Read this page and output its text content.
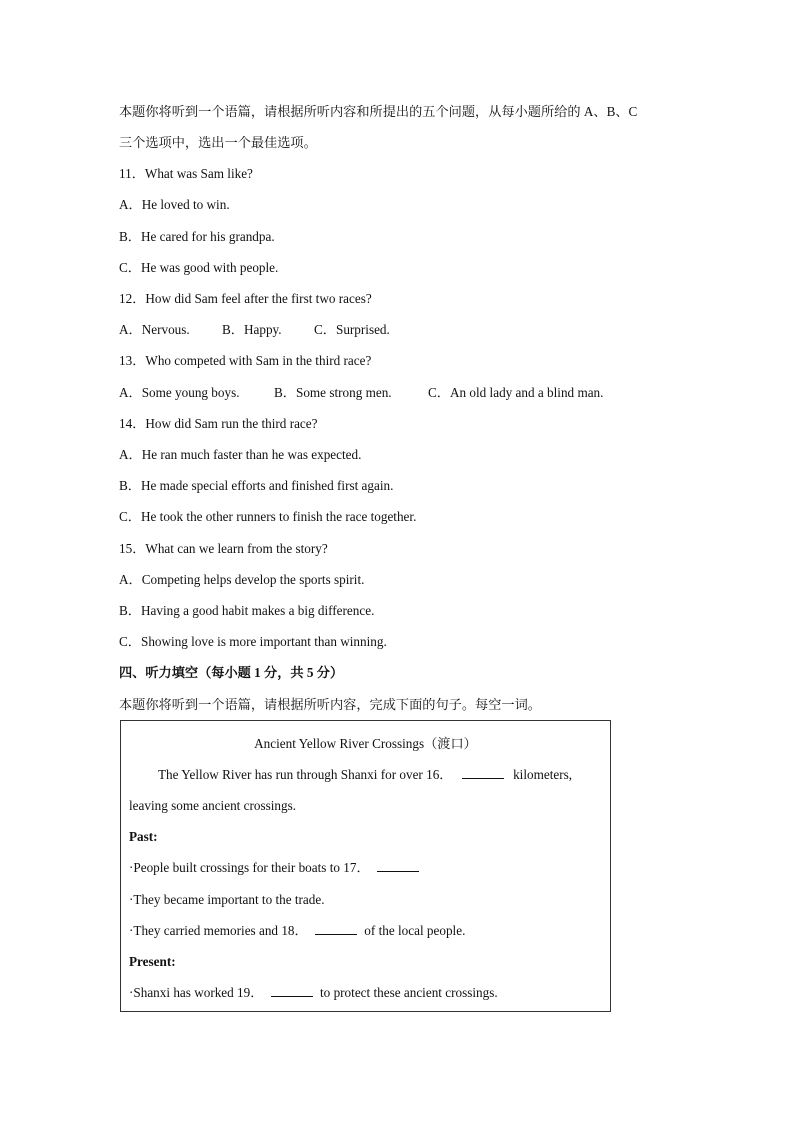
本题你将听到一个语篇，请根据所听内容和所提出的五个问题，从每小题所给的 A、B、C
三个选项中，选出一个最佳选项。
11．What was Sam like?
A．He loved to win.
B．He cared for his grandpa.
C．He was good with people.
12．How did Sam feel after the first two races?
A．Nervous. B．Happy. C．Surprised.
13．Who competed with Sam in the third race?
A．Some young boys.	B．Some strong men.	C．An old lady and a blind man.
14．How did Sam run the third race?
A．He ran much faster than he was expected.
B．He made special efforts and finished first again.
C．He took the other runners to finish the race together.
15．What can we learn from the story?
A．Competing helps develop the sports spirit.
B．Having a good habit makes a big difference.
C．Showing love is more important than winning.
四、听力填空（每小题 1 分，共 5 分）
本题你将听到一个语篇，请根据所听内容，完成下面的句子。每空一词。
Ancient Yellow River Crossings（渡口）
The Yellow River has run through Shanxi for over 16．	kilometers,
leaving some ancient crossings.
Past:
·People built crossings for their boats to 17．
·They became important to the trade.
·They carried memories and 18．	of the local people.
Present:
·Shanxi has worked 19．	to protect these ancient crossings.
